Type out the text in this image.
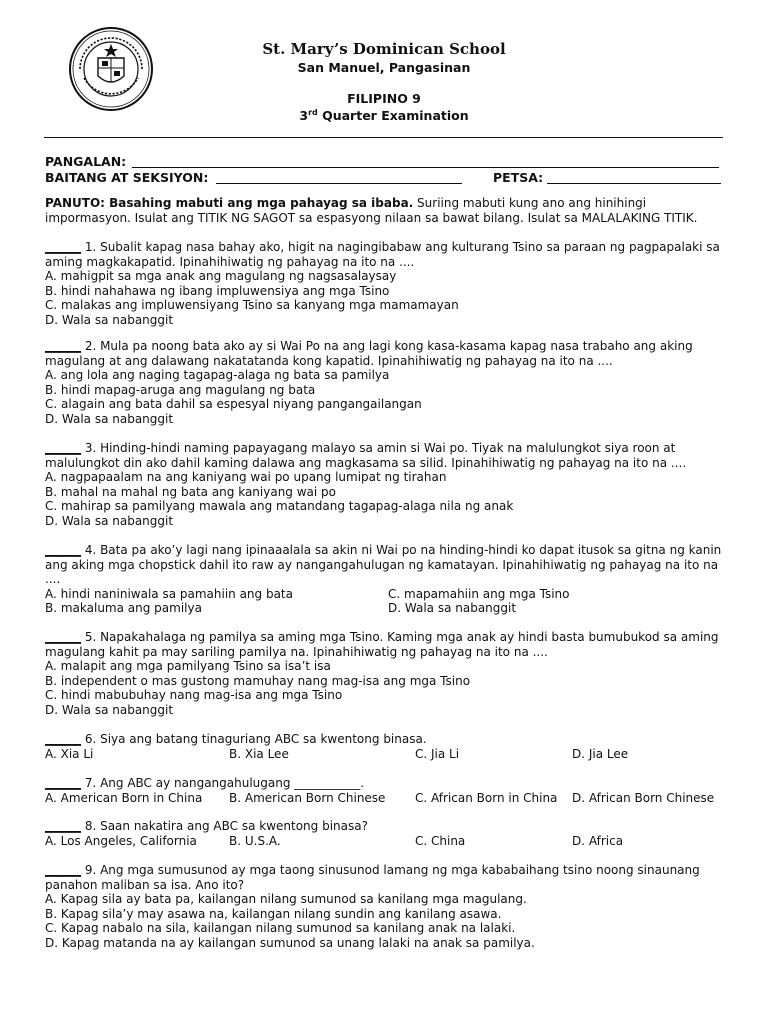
St. Mary’s Dominican School
San Manuel, Pangasinan
FILIPINO 9
3rd Quarter Examination
PANGALAN:
BAITANG AT SEKSIYON:	PETSA:
PANUTO: Basahing mabuti ang mga pahayag sa ibaba. Suriing mabuti kung ano ang hinihingi impormasyon. Isulat ang TITIK NG SAGOT sa espasyong nilaan sa bawat bilang. Isulat sa MALALAKING TITIK.

______ 1. Subalit kapag nasa bahay ako, higit na nagingibabaw ang kulturang Tsino sa paraan ng pagpapalaki sa aming magkakapatid. Ipinahihiwatig ng pahayag na ito na ....

A. mahigpit sa mga anak ang magulang ng nagsasalaysay

B. hindi nahahawa ng ibang impluwensiya ang mga Tsino

C. malakas ang impluwensiyang Tsino sa kanyang mga mamamayan

D. Wala sa nabanggit

______ 2. Mula pa noong bata ako ay si Wai Po na ang lagi kong kasa-kasama kapag nasa trabaho ang aking magulang at ang dalawang nakatatanda kong kapatid. Ipinahihiwatig ng pahayag na ito na ....

A. ang lola ang naging tagapag-alaga ng bata sa pamilya

B. hindi mapag-aruga ang magulang ng bata

C. alagain ang bata dahil sa espesyal niyang pangangailangan

D. Wala sa nabanggit

______ 3. Hinding-hindi naming papayagang malayo sa amin si Wai po. Tiyak na malulungkot siya roon at malulungkot din ako dahil kaming dalawa ang magkasama sa silid. Ipinahihiwatig ng pahayag na ito na ....

A. nagpapaalam na ang kaniyang wai po upang lumipat ng tirahan

B. mahal na mahal ng bata ang kaniyang wai po

C. mahirap sa pamilyang mawala ang matandang tagapag-alaga nila ng anak

D. Wala sa nabanggit

______ 4. Bata pa ako’y lagi nang ipinaaalala sa akin ni Wai po na hinding-hindi ko dapat itusok sa gitna ng kanin ang aking mga chopstick dahil ito raw ay nangangahulugan ng kamatayan. Ipinahihiwatig ng pahayag na ito na ....

A. hindi naniniwala sa pamahiin ang bata	C. mapamahiin ang mga Tsino
B. makaluma ang pamilya	D. Wala sa nabanggit

______ 5. Napakahalaga ng pamilya sa aming mga Tsino. Kaming mga anak ay hindi basta bumubukod sa aming magulang kahit pa may sariling pamilya na. Ipinahihiwatig ng pahayag na ito na ....

A. malapit ang mga pamilyang Tsino sa isa’t isa

B. independent o mas gustong mamuhay nang mag-isa ang mga Tsino

C. hindi mabubuhay nang mag-isa ang mga Tsino

D. Wala sa nabanggit

______ 6. Siya ang batang tinaguriang ABC sa kwentong binasa.

A. Xia Li	B. Xia Lee	C. Jia Li	D. Jia Lee

______ 7. Ang ABC ay nangangahulugang ___________.

A. American Born in China B. American Born Chinese C. African Born in China D. African Born Chinese

______ 8. Saan nakatira ang ABC sa kwentong binasa?

A. Los Angeles, California	B. U.S.A.	C. China	D. Africa

______ 9. Ang mga sumusunod ay mga taong sinusunod lamang ng mga kababaihang tsino noong sinaunang panahon maliban sa isa. Ano ito?

A. Kapag sila ay bata pa, kailangan nilang sumunod sa kanilang mga magulang.

B. Kapag sila’y may asawa na, kailangan nilang sundin ang kanilang asawa.

C. Kapag nabalo na sila, kailangan nilang sumunod sa kanilang anak na lalaki.

D. Kapag matanda na ay kailangan sumunod sa unang lalaki na anak sa pamilya.
